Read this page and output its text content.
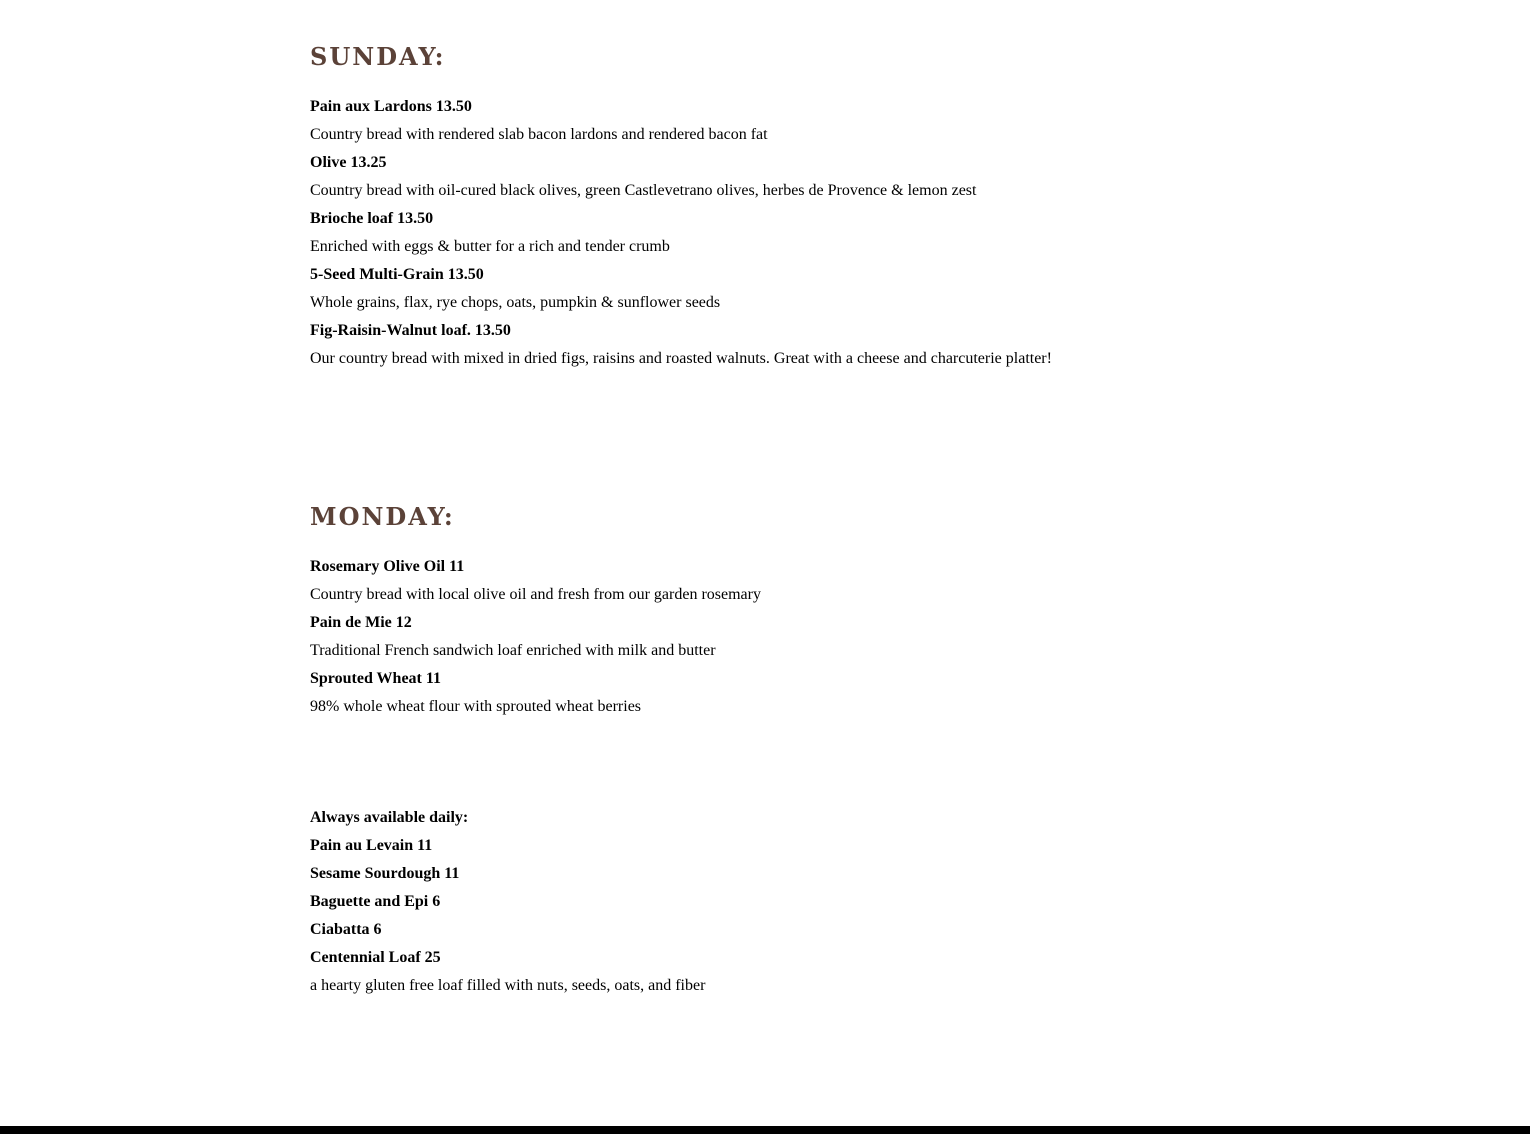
SUNDAY:
Pain aux Lardons 13.50
Country bread with rendered slab bacon lardons and rendered bacon fat
Olive 13.25
Country bread with oil-cured black olives, green Castlevetrano olives, herbes de Provence & lemon zest
Brioche loaf 13.50
Enriched with eggs & butter for a rich and tender crumb
5-Seed Multi-Grain 13.50
Whole grains, flax, rye chops, oats, pumpkin & sunflower seeds
Fig-Raisin-Walnut loaf. 13.50
Our country bread with mixed in dried figs, raisins and roasted walnuts. Great with a cheese and charcuterie platter!
MONDAY:
Rosemary Olive Oil 11
Country bread with local olive oil and fresh from our garden rosemary
Pain de Mie 12
Traditional French sandwich loaf enriched with milk and butter
Sprouted Wheat 11
98% whole wheat flour with sprouted wheat berries
Always available daily:
Pain au Levain 11
Sesame Sourdough 11
Baguette and Epi 6
Ciabatta 6
Centennial Loaf 25
a hearty gluten free loaf filled with nuts, seeds, oats, and fiber
